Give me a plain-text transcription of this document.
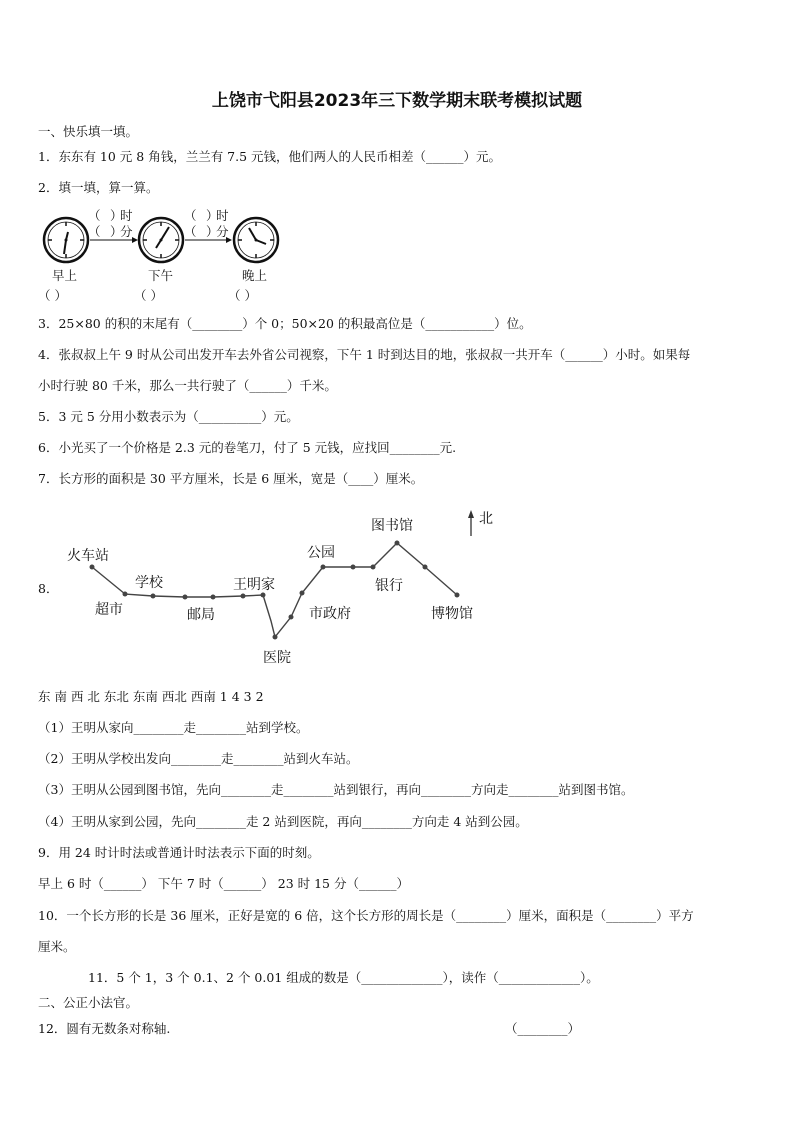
上饶市弋阳县2023年三下数学期末联考模拟试题
一、快乐填一填。
1．东东有 10 元 8 角钱，兰兰有 7.5 元钱，他们两人的人民币相差（______）元。
2．填一填，算一算。
（ ）
时
（ ）
分
（ ）
时
（ ）
分
早上	下午	晚上
（ ）	（ ）	（ ）
3．25×80 的积的末尾有（________）个 0；50×20 的积最高位是（___________）位。
4．张叔叔上午 9 时从公司出发开车去外省公司视察，下午 1 时到达目的地，张叔叔一共开车（______）小时。如果每
小时行驶 80 千米，那么一共行驶了（______）千米。
5．3 元 5 分用小数表示为（__________）元。
6．小光买了一个价格是 2.3 元的卷笔刀，付了 5 元钱，应找回________元.
7．长方形的面积是 30 平方厘米，长是 6 厘米，宽是（____）厘米。
8．
北
火车站
超市
学校
邮局
王明家
医院
市政府
公园
银行
图书馆
博物馆
东 南 西 北 东北 东南 西北 西南 1 4 3 2
（1）王明从家向________走________站到学校。
（2）王明从学校出发向________走________站到火车站。
（3）王明从公园到图书馆，先向________走________站到银行，再向________方向走________站到图书馆。
（4）王明从家到公园，先向________走 2 站到医院，再向________方向走 4 站到公园。
9．用 24 时计时法或普通计时法表示下面的时刻。
早上 6 时（______） 下午 7 时（______） 23 时 15 分（______）
10．一个长方形的长是 36 厘米，正好是宽的 6 倍，这个长方形的周长是（________）厘米，面积是（________）平方
厘米。
11．5 个 1，3 个 0.1、2 个 0.01 组成的数是（_____________），读作（_____________）。
二、公正小法官。
12．圆有无数条对称轴.	（________）
